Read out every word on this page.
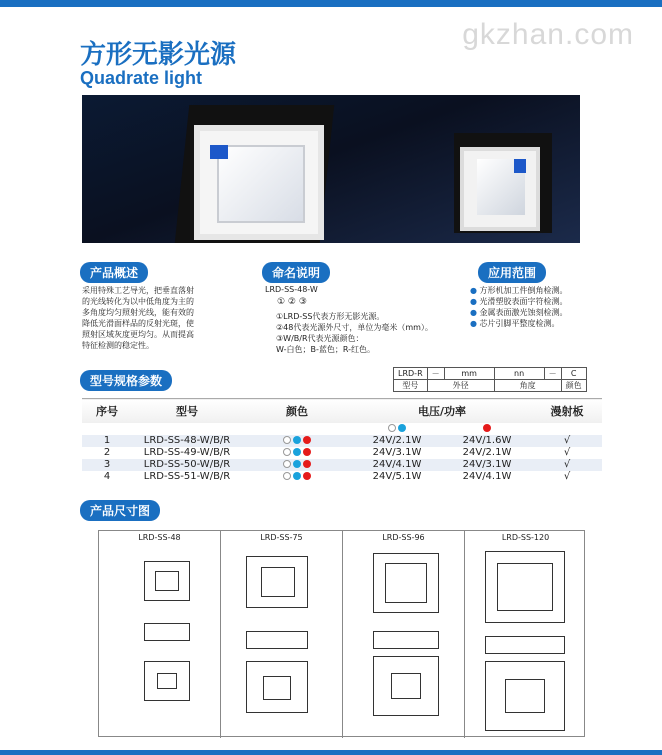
gkzhan.com
方形无影光源
Quadrate light
产品概述
采用特殊工艺导光，把垂直落射
的光线转化为以中低角度为主的
多角度均匀照射光线，能有效的
降低光滑面样品的反射光斑，使
照射区域灰度更均匀。从而提高
特征检测的稳定性。
命名说明
LRD-SS-48-W
① ② ③
①LRD-SS代表方形无影光源。
②48代表光源外尺寸，单位为毫米（mm）。
③W/B/R代表光源颜色：
W-白色；B-蓝色；R-红色。
应用范围
● 方形机加工件倒角检测。
● 光滑塑胶表面字符检测。
● 金属表面激光蚀刻检测。
● 芯片引脚平整度检测。
型号规格参数
LRD-R	－	mm	nn	－	C
型号	外径		角度		颜色
序号	型号	颜色	电压/功率		漫射板

1	LRD-SS-48-W/B/R		24V/2.1W	24V/1.6W	√
2	LRD-SS-49-W/B/R		24V/3.1W	24V/2.1W	√
3	LRD-SS-50-W/B/R		24V/4.1W	24V/3.1W	√
4	LRD-SS-51-W/B/R		24V/5.1W	24V/4.1W	√
产品尺寸图
LRD-SS-48	LRD-SS-75	LRD-SS-96	LRD-SS-120
